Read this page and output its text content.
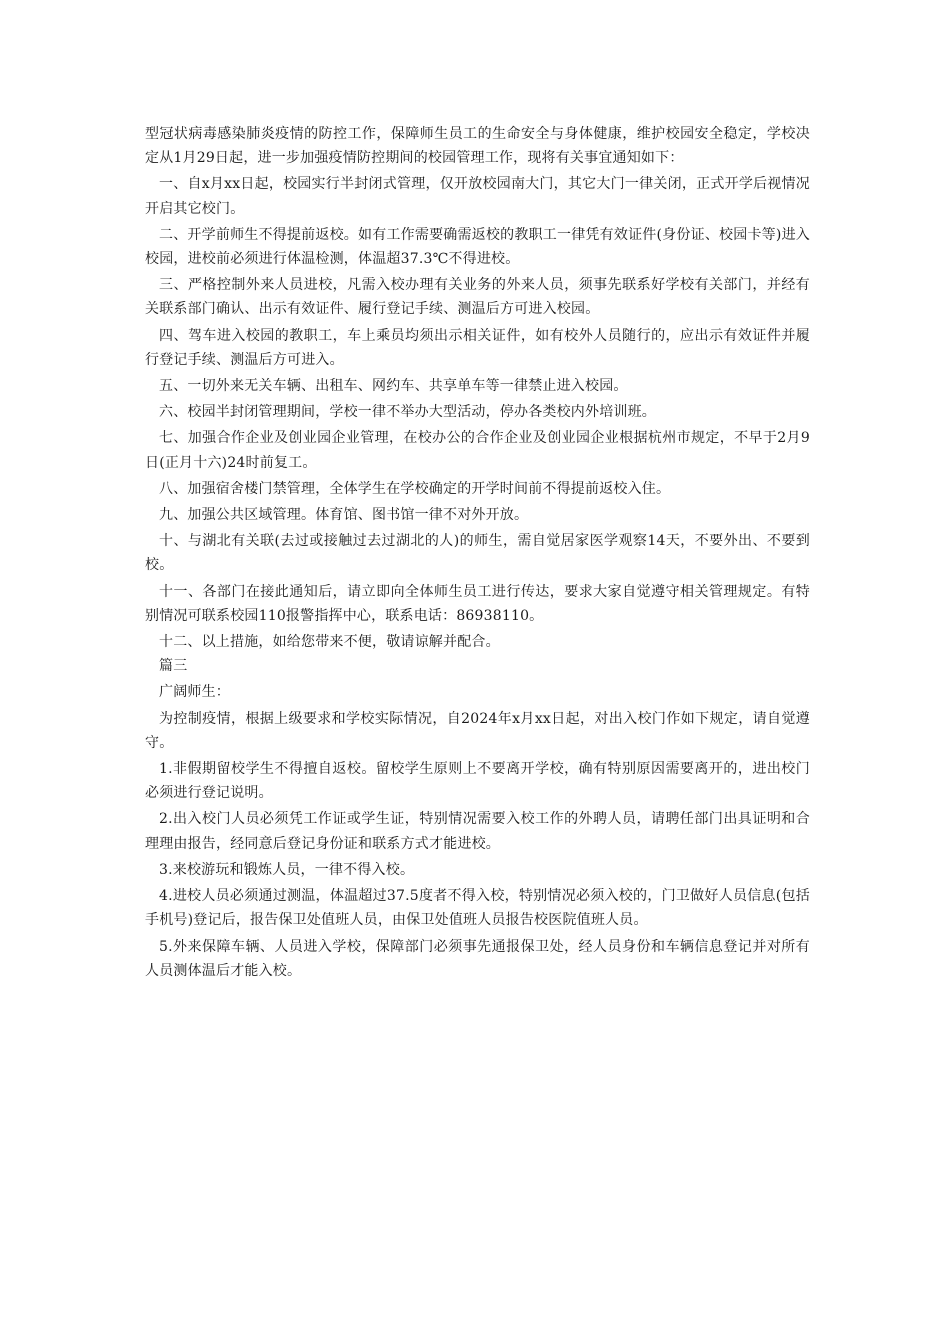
型冠状病毒感染肺炎疫情的防控工作，保障师生员工的生命安全与身体健康，维护校园安全稳定，学校决定从1月29日起，进一步加强疫情防控期间的校园管理工作，现将有关事宜通知如下：

一、自x月xx日起，校园实行半封闭式管理，仅开放校园南大门，其它大门一律关闭，正式开学后视情况开启其它校门。

二、开学前师生不得提前返校。如有工作需要确需返校的教职工一律凭有效证件(身份证、校园卡等)进入校园，进校前必须进行体温检测，体温超37.3℃不得进校。

三、严格控制外来人员进校，凡需入校办理有关业务的外来人员，须事先联系好学校有关部门，并经有关联系部门确认、出示有效证件、履行登记手续、测温后方可进入校园。

四、驾车进入校园的教职工，车上乘员均须出示相关证件，如有校外人员随行的，应出示有效证件并履行登记手续、测温后方可进入。

五、一切外来无关车辆、出租车、网约车、共享单车等一律禁止进入校园。

六、校园半封闭管理期间，学校一律不举办大型活动，停办各类校内外培训班。

七、加强合作企业及创业园企业管理，在校办公的合作企业及创业园企业根据杭州市规定，不早于2月9日(正月十六)24时前复工。

八、加强宿舍楼门禁管理，全体学生在学校确定的开学时间前不得提前返校入住。

九、加强公共区域管理。体育馆、图书馆一律不对外开放。

十、与湖北有关联(去过或接触过去过湖北的人)的师生，需自觉居家医学观察14天，不要外出、不要到校。

十一、各部门在接此通知后，请立即向全体师生员工进行传达，要求大家自觉遵守相关管理规定。有特别情况可联系校园110报警指挥中心，联系电话：86938110。

十二、以上措施，如给您带来不便，敬请谅解并配合。

篇三

广阔师生：

为控制疫情，根据上级要求和学校实际情况，自2024年x月xx日起，对出入校门作如下规定，请自觉遵守。

1.非假期留校学生不得擅自返校。留校学生原则上不要离开学校，确有特别原因需要离开的，进出校门必须进行登记说明。

2.出入校门人员必须凭工作证或学生证，特别情况需要入校工作的外聘人员，请聘任部门出具证明和合理理由报告，经同意后登记身份证和联系方式才能进校。

3.来校游玩和锻炼人员，一律不得入校。

4.进校人员必须通过测温，体温超过37.5度者不得入校，特别情况必须入校的，门卫做好人员信息(包括手机号)登记后，报告保卫处值班人员，由保卫处值班人员报告校医院值班人员。

5.外来保障车辆、人员进入学校，保障部门必须事先通报保卫处，经人员身份和车辆信息登记并对所有人员测体温后才能入校。
